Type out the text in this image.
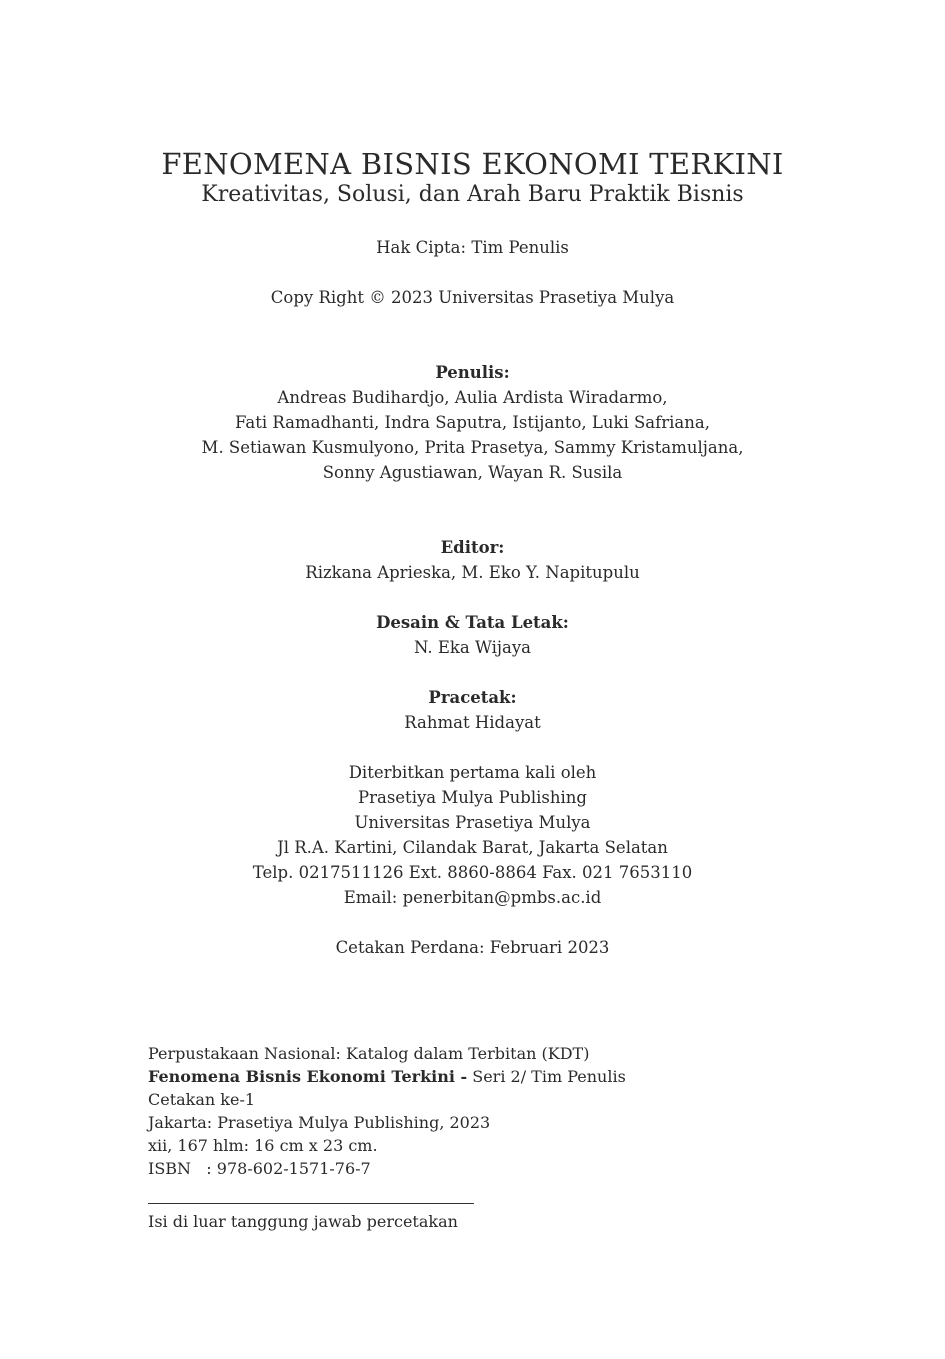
FENOMENA BISNIS EKONOMI TERKINI
Kreativitas, Solusi, dan Arah Baru Praktik Bisnis
Hak Cipta: Tim Penulis
Copy Right © 2023 Universitas Prasetiya Mulya
Penulis:
Andreas Budihardjo, Aulia Ardista Wiradarmo,
Fati Ramadhanti, Indra Saputra, Istijanto, Luki Safriana,
M. Setiawan Kusmulyono, Prita Prasetya, Sammy Kristamuljana,
Sonny Agustiawan, Wayan R. Susila
Editor:
Rizkana Aprieska, M. Eko Y. Napitupulu
Desain & Tata Letak:
N. Eka Wijaya
Pracetak:
Rahmat Hidayat
Diterbitkan pertama kali oleh
Prasetiya Mulya Publishing
Universitas Prasetiya Mulya
Jl R.A. Kartini, Cilandak Barat, Jakarta Selatan
Telp. 0217511126 Ext. 8860-8864 Fax. 021 7653110
Email: penerbitan@pmbs.ac.id
Cetakan Perdana: Februari 2023
Perpustakaan Nasional: Katalog dalam Terbitan (KDT)
Fenomena Bisnis Ekonomi Terkini - Seri 2/ Tim Penulis
Cetakan ke-1
Jakarta: Prasetiya Mulya Publishing, 2023
xii, 167 hlm: 16 cm x 23 cm.
ISBN   : 978-602-1571-76-7
Isi di luar tanggung jawab percetakan
